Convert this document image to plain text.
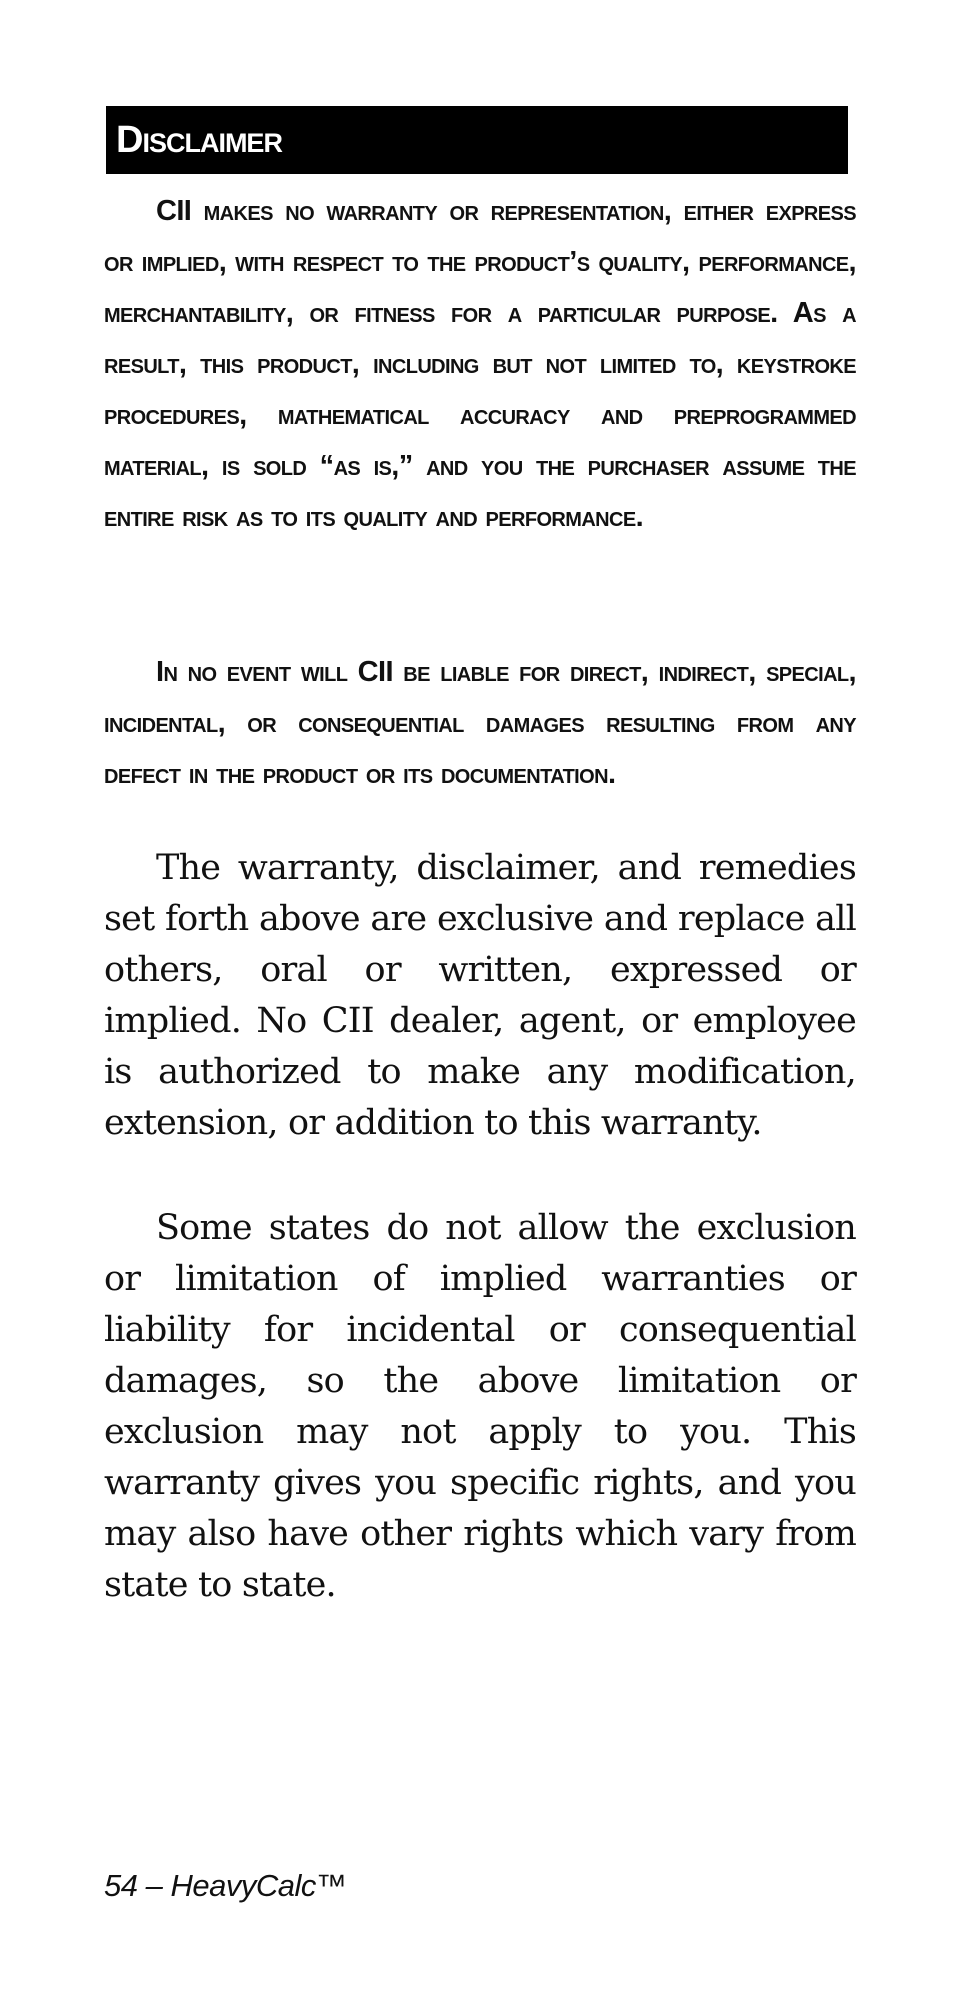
Disclaimer

CII makes no warranty or representation, either express or implied, with respect to the product’s quality, performance, merchantability, or fitness for a particular purpose. As a result, this product, including but not limited to, keystroke procedures, mathematical accuracy and preprogrammed material, is sold “as is,” and you the purchaser assume the entire risk as to its quality and performance.

In no event will CII be liable for direct, indirect, special, incidental, or consequential damages resulting from any defect in the product or its documentation.

The warranty, disclaimer, and remedies set forth above are exclusive and replace all others, oral or written, expressed or implied. No CII dealer, agent, or employee is authorized to make any modification, extension, or addition to this warranty.

Some states do not allow the exclusion or limitation of implied warranties or liability for incidental or consequential damages, so the above limitation or exclusion may not apply to you. This warranty gives you specific rights, and you may also have other rights which vary from state to state.

54 – HeavyCalc™
